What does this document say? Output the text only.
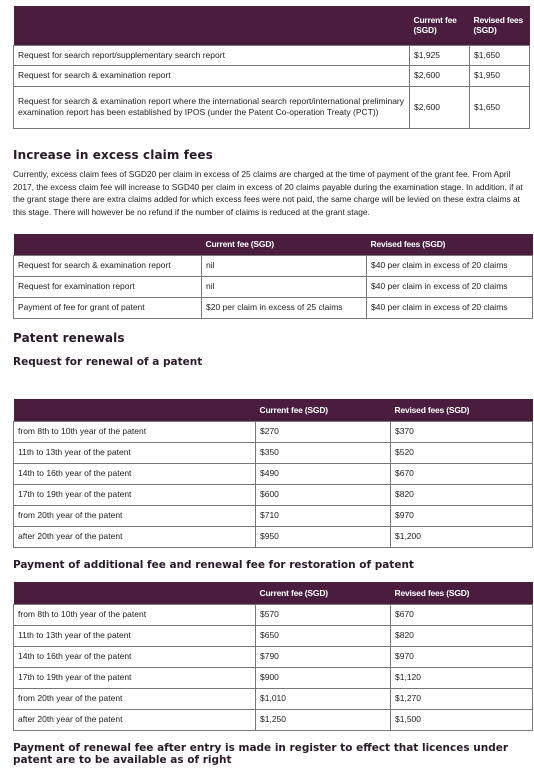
	Current fee (SGD)	Revised fees (SGD)
Request for search report/supplementary search report	$1,925	$1,650
Request for search & examination report	$2,600	$1,950
Request for search & examination report where the international search report/international preliminary examination report has been established by IPOS (under the Patent Co-operation Treaty (PCT))	$2,600	$1,650
Increase in excess claim fees

Currently, excess claim fees of SGD20 per claim in excess of 25 claims are charged at the time of payment of the grant fee. From April 2017, the excess claim fee will increase to SGD40 per claim in excess of 20 claims payable during the examination stage. In addition, if at the grant stage there are extra claims added for which excess fees were not paid, the same charge will be levied on these extra claims at this stage. There will however be no refund if the number of claims is reduced at the grant stage.

	Current fee (SGD)	Revised fees (SGD)
Request for search & examination report	nil	$40 per claim in excess of 20 claims
Request for examination report	nil	$40 per claim in excess of 20 claims
Payment of fee for grant of patent	$20 per claim in excess of 25 claims	$40 per claim in excess of 20 claims
Patent renewals
Request for renewal of a patent
	Current fee (SGD)	Revised fees (SGD)
from 8th to 10th year of the patent	$270	$370
11th to 13th year of the patent	$350	$520
14th to 16th year of the patent	$490	$670
17th to 19th year of the patent	$600	$820
from 20th year of the patent	$710	$970
after 20th year of the patent	$950	$1,200
Payment of additional fee and renewal fee for restoration of patent
	Current fee (SGD)	Revised fees (SGD)
from 8th to 10th year of the patent	$570	$670
11th to 13th year of the patent	$650	$820
14th to 16th year of the patent	$790	$970
17th to 19th year of the patent	$900	$1,120
from 20th year of the patent	$1,010	$1,270
after 20th year of the patent	$1,250	$1,500
Payment of renewal fee after entry is made in register to effect that licences under patent are to be available as of right
